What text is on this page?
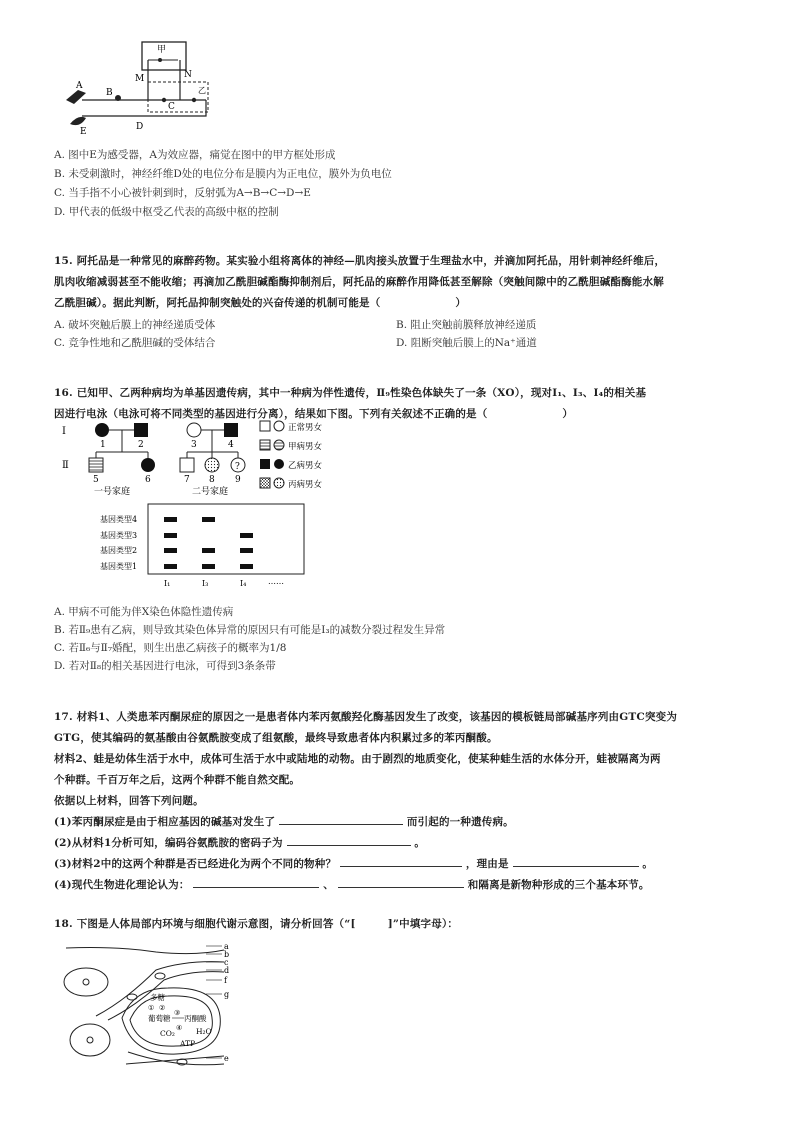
甲
M	N
乙
C
B
A
E	D
A. 图中E为感受器，A为效应器，痛觉在图中的甲方框处形成
B. 未受刺激时，神经纤维D处的电位分布是膜内为正电位，膜外为负电位
C. 当手指不小心被针刺到时，反射弧为A→B→C→D→E
D. 甲代表的低级中枢受乙代表的高级中枢的控制
15. 阿托品是一种常见的麻醉药物。某实验小组将离体的神经—肌肉接头放置于生理盐水中，并滴加阿托品，用针刺神经纤维后，
肌肉收缩减弱甚至不能收缩；再滴加乙酰胆碱酯酶抑制剂后，阿托品的麻醉作用降低甚至解除（突触间隙中的乙酰胆碱酯酶能水解
乙酰胆碱）。据此判断，阿托品抑制突触处的兴奋传递的机制可能是（　　　　　　　）
A. 破坏突触后膜上的神经递质受体	B. 阻止突触前膜释放神经递质
C. 竞争性地和乙酰胆碱的受体结合	D. 阻断突触后膜上的Na⁺通道
16. 已知甲、乙两种病均为单基因遗传病，其中一种病为伴性遗传，Ⅱ₉性染色体缺失了一条（XO），现对Ⅰ₁、Ⅰ₃、Ⅰ₄的相关基
因进行电泳（电泳可将不同类型的基因进行分离），结果如下图。下列有关叙述不正确的是（　　　　　　　）
Ⅰ
Ⅱ
1	2
5	6
一号家庭
3	4
?
7 8 9
二号家庭
正常男女
甲病男女
乙病男女
丙病男女
基因类型4
基因类型3
基因类型2
基因类型1
Ⅰ₁	Ⅰ₃	Ⅰ₄	……
A. 甲病不可能为伴X染色体隐性遗传病
B. 若Ⅱ₉患有乙病，则导致其染色体异常的原因只有可能是Ⅰ₃的减数分裂过程发生异常
C. 若Ⅱ₆与Ⅱ₇婚配，则生出患乙病孩子的概率为1/8
D. 若对Ⅱ₈的相关基因进行电泳，可得到3条条带
17. 材料1、人类患苯丙酮尿症的原因之一是患者体内苯丙氨酸羟化酶基因发生了改变，该基因的模板链局部碱基序列由GTC突变为
GTG，使其编码的氨基酸由谷氨酰胺变成了组氨酸，最终导致患者体内积累过多的苯丙酮酸。
材料2、蛙是幼体生活于水中，成体可生活于水中或陆地的动物。由于剧烈的地质变化，使某种蛙生活的水体分开，蛙被隔离为两
个种群。千百万年之后，这两个种群不能自然交配。
依据以上材料，回答下列问题。
(1)苯丙酮尿症是由于相应基因的碱基对发生了	而引起的一种遗传病。
(2)从材料1分析可知，编码谷氨酰胺的密码子为	。
(3)材料2中的这两个种群是否已经进化为两个不同的物种？	，理由是	。
(4)现代生物进化理论认为：	、	和隔离是新物种形成的三个基本环节。
18. 下图是人体局部内环境与细胞代谢示意图，请分析回答（“[　　　]”中填字母）：
a
b
c
d
f
g
e
多糖
① ②
葡萄糖
③
丙酮酸
④
CO₂	H₂O
ATP
